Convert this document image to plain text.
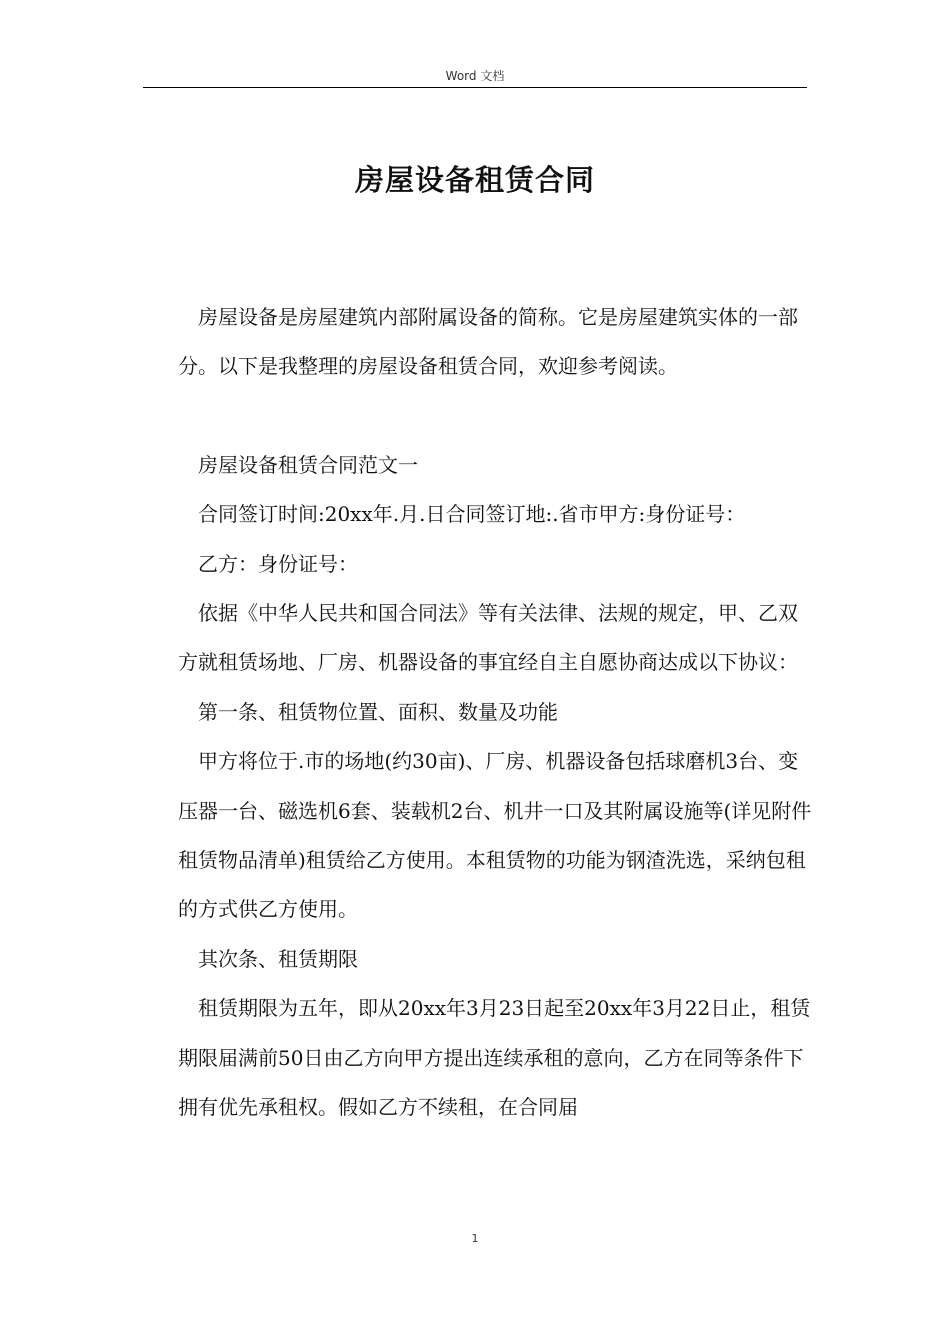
Word 文档
房屋设备租赁合同

房屋设备是房屋建筑内部附属设备的简称。它是房屋建筑实体的一部分。以下是我整理的房屋设备租赁合同，欢迎参考阅读。

房屋设备租赁合同范文一

合同签订时间:20xx年.月.日合同签订地:.省市甲方:身份证号：

乙方：身份证号：

依据《中华人民共和国合同法》等有关法律、法规的规定，甲、乙双方就租赁场地、厂房、机器设备的事宜经自主自愿协商达成以下协议：

第一条、租赁物位置、面积、数量及功能

甲方将位于.市的场地(约30亩)、厂房、机器设备包括球磨机3台、变压器一台、磁选机6套、装载机2台、机井一口及其附属设施等(详见附件租赁物品清单)租赁给乙方使用。本租赁物的功能为钢渣洗选，采纳包租的方式供乙方使用。

其次条、租赁期限

租赁期限为五年，即从20xx年3月23日起至20xx年3月22日止，租赁期限届满前50日由乙方向甲方提出连续承租的意向，乙方在同等条件下拥有优先承租权。假如乙方不续租，在合同届

1
